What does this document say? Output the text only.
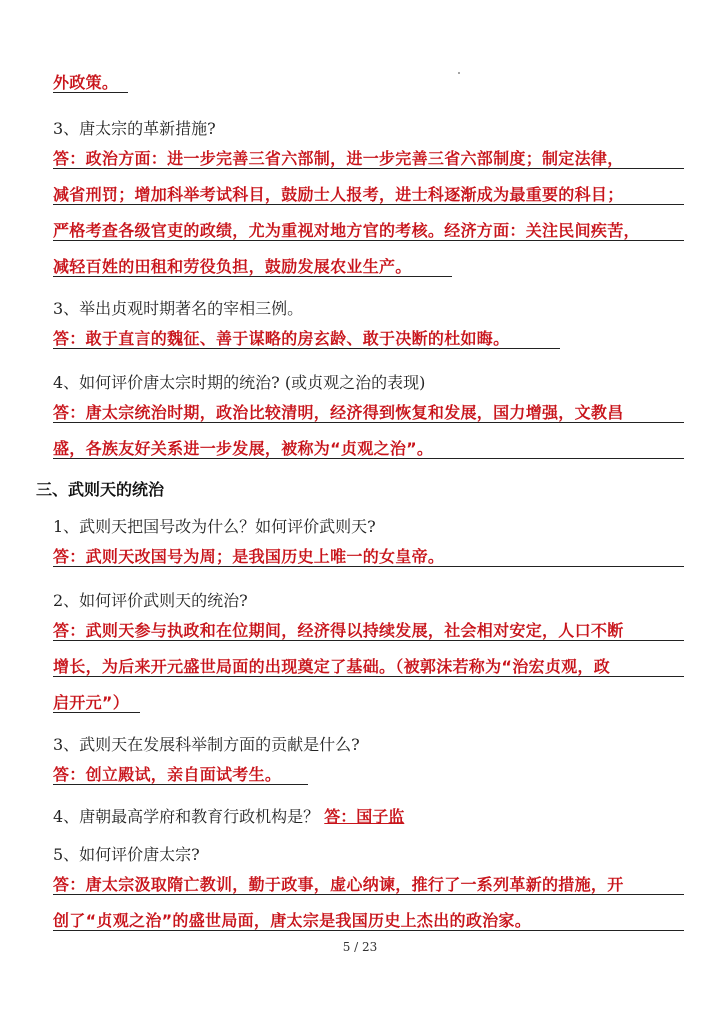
外政策。
3、唐太宗的革新措施?
答：政治方面：进一步完善三省六部制，进一步完善三省六部制度；制定法律，
减省刑罚；增加科举考试科目，鼓励士人报考，进士科逐渐成为最重要的科目；
严格考查各级官吏的政绩，尤为重视对地方官的考核。经济方面：关注民间疾苦，
减轻百姓的田租和劳役负担，鼓励发展农业生产。
3、举出贞观时期著名的宰相三例。
答：敢于直言的魏征、善于谋略的房玄龄、敢于决断的杜如晦。
4、如何评价唐太宗时期的统治? (或贞观之治的表现)
答：唐太宗统治时期，政治比较清明，经济得到恢复和发展，国力增强，文教昌
盛，各族友好关系进一步发展，被称为“贞观之治”。
三、武则天的统治
1、武则天把国号改为什么？如何评价武则天?
答：武则天改国号为周；是我国历史上唯一的女皇帝。
2、如何评价武则天的统治?
答：武则天参与执政和在位期间，经济得以持续发展，社会相对安定，人口不断
增长，为后来开元盛世局面的出现奠定了基础。（被郭沫若称为“治宏贞观，政
启开元”）
3、武则天在发展科举制方面的贡献是什么?
答：创立殿试，亲自面试考生。
4、唐朝最高学府和教育行政机构是？ 答：国子监
5、如何评价唐太宗?
答：唐太宗汲取隋亡教训，勤于政事，虚心纳谏，推行了一系列革新的措施，开
创了“贞观之治”的盛世局面，唐太宗是我国历史上杰出的政治家。
5 / 23
